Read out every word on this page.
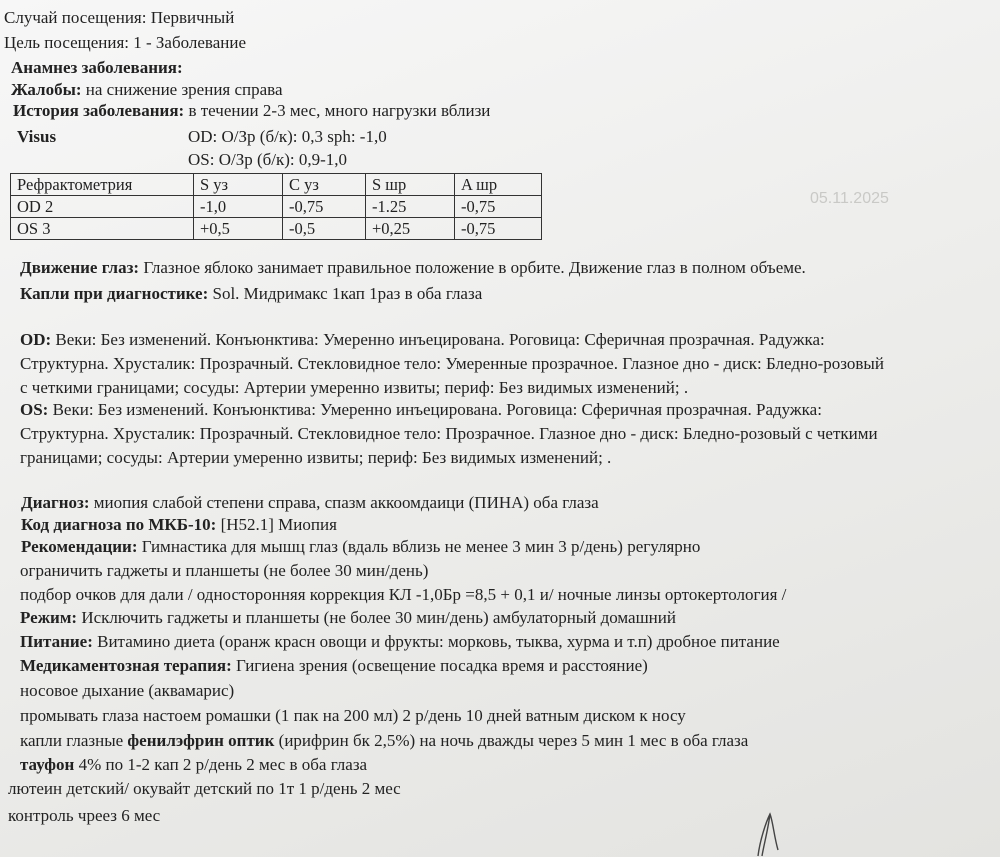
Случай посещения: Первичный
Цель посещения: 1 - Заболевание
Анамнез заболевания:
Жалобы: на снижение зрения справа
История заболевания: в течении 2-3 мес, много нагрузки вблизи
Visus	OD: O/Зр (б/к): 0,3 sph: -1,0
OS: O/Зр (б/к): 0,9-1,0
Рефрактометрия	S уз	C уз	S шр	A шр
OD 2	-1,0	-0,75	-1.25	-0,75
OS 3	+0,5	-0,5	+0,25	-0,75
05.11.2025
Движение глаз: Глазное яблоко занимает правильное положение в орбите. Движение глаз в полном объеме.
Капли при диагностике: Sol. Мидримакс 1кап 1раз в оба глаза
OD: Веки: Без изменений. Конъюнктива: Умеренно инъецирована. Роговица: Сферичная прозрачная. Радужка:
Структурна. Хрусталик: Прозрачный. Стекловидное тело: Умеренные прозрачное. Глазное дно - диск: Бледно-розовый
с четкими границами; сосуды: Артерии умеренно извиты; периф: Без видимых изменений; .
OS: Веки: Без изменений. Конъюнктива: Умеренно инъецирована. Роговица: Сферичная прозрачная. Радужка:
Структурна. Хрусталик: Прозрачный. Стекловидное тело: Прозрачное. Глазное дно - диск: Бледно-розовый с четкими
границами; сосуды: Артерии умеренно извиты; периф: Без видимых изменений; .
Диагноз: миопия слабой степени справа, спазм аккоомдаици (ПИНА) оба глаза
Код диагноза по МКБ-10: [H52.1] Миопия
Рекомендации: Гимнастика для мышц глаз (вдаль вблизь не менее 3 мин 3 р/день) регулярно
ограничить гаджеты и планшеты (не более 30 мин/день)
подбор очков для дали / односторонняя коррекция КЛ -1,0Бр =8,5 + 0,1 и/ ночные линзы ортокертология /
Режим: Исключить гаджеты и планшеты (не более 30 мин/день) амбулаторный домашний
Питание: Витамино диета (оранж красн овощи и фрукты: морковь, тыква, хурма и т.п) дробное питание
Медикаментозная терапия: Гигиена зрения (освещение посадка время и расстояние)
носовое дыхание (аквамарис)
промывать глаза настоем ромашки (1 пак на 200 мл) 2 р/день 10 дней ватным диском к носу
капли глазные фенилэфрин оптик (ирифрин бк 2,5%) на ночь дважды через 5 мин 1 мес в оба глаза
тауфон 4% по 1-2 кап 2 р/день 2 мес в оба глаза
лютеин детский/ окувайт детский по 1т 1 р/день 2 мес
контроль чреез 6 мес
